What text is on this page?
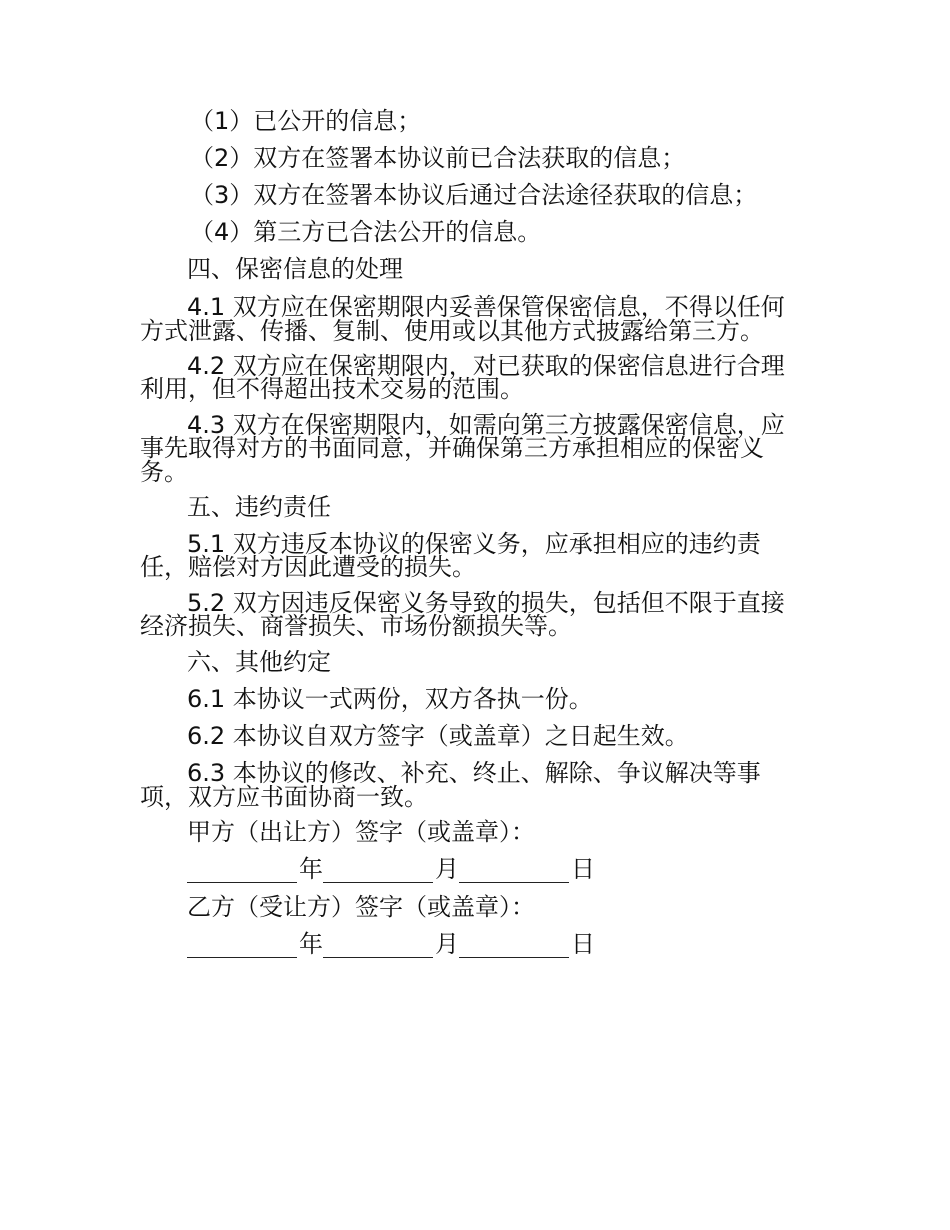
（1）已公开的信息；
（2）双方在签署本协议前已合法获取的信息；
（3）双方在签署本协议后通过合法途径获取的信息；
（4）第三方已合法公开的信息。
四、保密信息的处理
4.1 双方应在保密期限内妥善保管保密信息，不得以任何
方式泄露、传播、复制、使用或以其他方式披露给第三方。
4.2 双方应在保密期限内，对已获取的保密信息进行合理
利用，但不得超出技术交易的范围。
4.3 双方在保密期限内，如需向第三方披露保密信息，应
事先取得对方的书面同意，并确保第三方承担相应的保密义
务。
五、违约责任
5.1 双方违反本协议的保密义务，应承担相应的违约责
任，赔偿对方因此遭受的损失。
5.2 双方因违反保密义务导致的损失，包括但不限于直接
经济损失、商誉损失、市场份额损失等。
六、其他约定
6.1 本协议一式两份，双方各执一份。
6.2 本协议自双方签字（或盖章）之日起生效。
6.3 本协议的修改、补充、终止、解除、争议解决等事
项，双方应书面协商一致。
甲方（出让方）签字（或盖章）：
年	月	日
乙方（受让方）签字（或盖章）：
年	月	日
